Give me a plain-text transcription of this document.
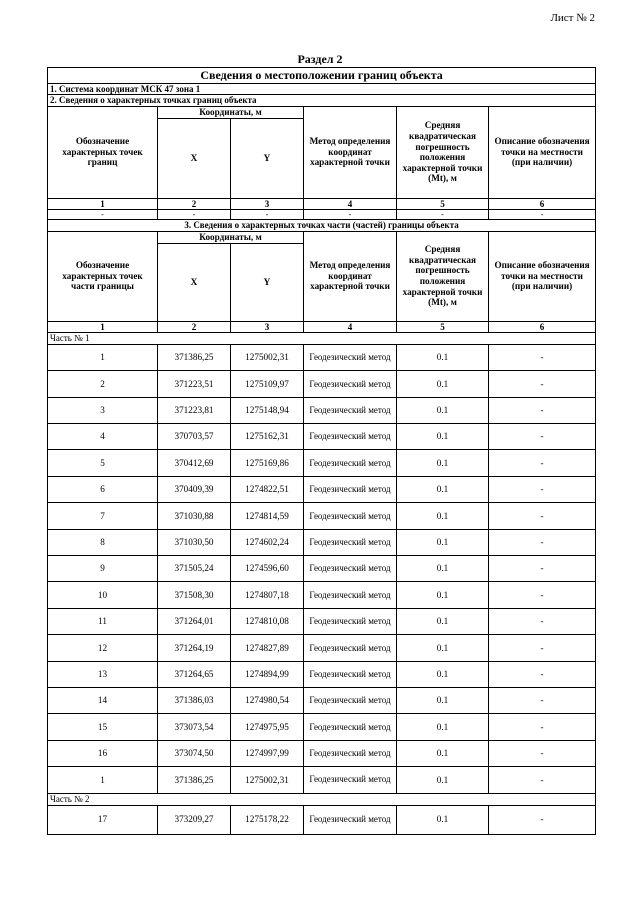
Лист № 2
Раздел 2
Сведения о местоположении границ объекта					
1. Система координат МСК 47 зона 1					
2. Сведения о характерных точках границ объекта					
Обозначение характерных точек границ	Координаты, м		Метод определения координат характерной точки	Средняя квадратическая погрешность положения характерной точки (Mt), м	Описание обозначения точки на местности (при наличии)
	X	Y			
1	2	3	4	5	6
-	-	-	-	-	-
3. Сведения о характерных точках части (частей) границы объекта					
Обозначение характерных точек части границы	Координаты, м		Метод определения координат характерной точки	Средняя квадратическая погрешность положения характерной точки (Mt), м	Описание обозначения точки на местности (при наличии)
	X	Y			
1	2	3	4	5	6
Часть № 1					
1	371386,25	1275002,31	Геодезический метод	0.1	-
2	371223,51	1275109,97	Геодезический метод	0.1	-
3	371223,81	1275148,94	Геодезический метод	0.1	-
4	370703,57	1275162,31	Геодезический метод	0.1	-
5	370412,69	1275169,86	Геодезический метод	0.1	-
6	370409,39	1274822,51	Геодезический метод	0.1	-
7	371030,88	1274814,59	Геодезический метод	0.1	-
8	371030,50	1274602,24	Геодезический метод	0.1	-
9	371505,24	1274596,60	Геодезический метод	0.1	-
10	371508,30	1274807,18	Геодезический метод	0.1	-
11	371264,01	1274810,08	Геодезический метод	0.1	-
12	371264,19	1274827,89	Геодезический метод	0.1	-
13	371264,65	1274894,99	Геодезический метод	0.1	-
14	371386,03	1274980,54	Геодезический метод	0.1	-
15	373073,54	1274975,95	Геодезический метод	0.1	-
16	373074,50	1274997,99	Геодезический метод	0.1	-
1	371386,25	1275002,31	Геодезический метод	0.1	-
Часть № 2					
17	373209,27	1275178,22	Геодезический метод	0.1	-
